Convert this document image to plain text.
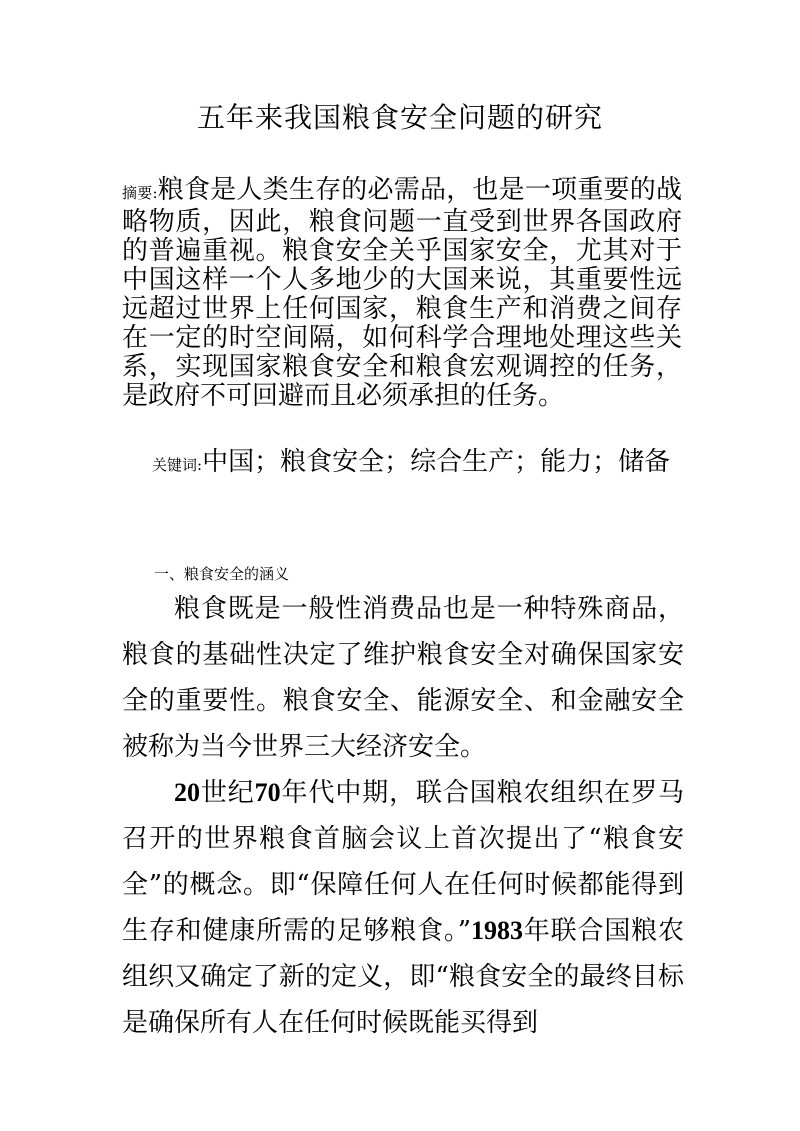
五年来我国粮食安全问题的研究
摘要:粮食是人类生存的必需品，也是一项重要的战略物质，因此，粮食问题一直受到世界各国政府的普遍重视。粮食安全关乎国家安全，尤其对于中国这样一个人多地少的大国来说，其重要性远远超过世界上任何国家，粮食生产和消费之间存在一定的时空间隔，如何科学合理地处理这些关系，实现国家粮食安全和粮食宏观调控的任务，是政府不可回避而且必须承担的任务。
关键词:中国；粮食安全；综合生产；能力；储备
一、粮食安全的涵义

粮食既是一般性消费品也是一种特殊商品，粮食的基础性决定了维护粮食安全对确保国家安全的重要性。粮食安全、能源安全、和金融安全被称为当今世界三大经济安全。

20世纪70年代中期，联合国粮农组织在罗马召开的世界粮食首脑会议上首次提出了“粮食安全”的概念。即“保障任何人在任何时候都能得到生存和健康所需的足够粮食。”1983年联合国粮农组织又确定了新的定义，即“粮食安全的最终目标是确保所有人在任何时候既能买得到
